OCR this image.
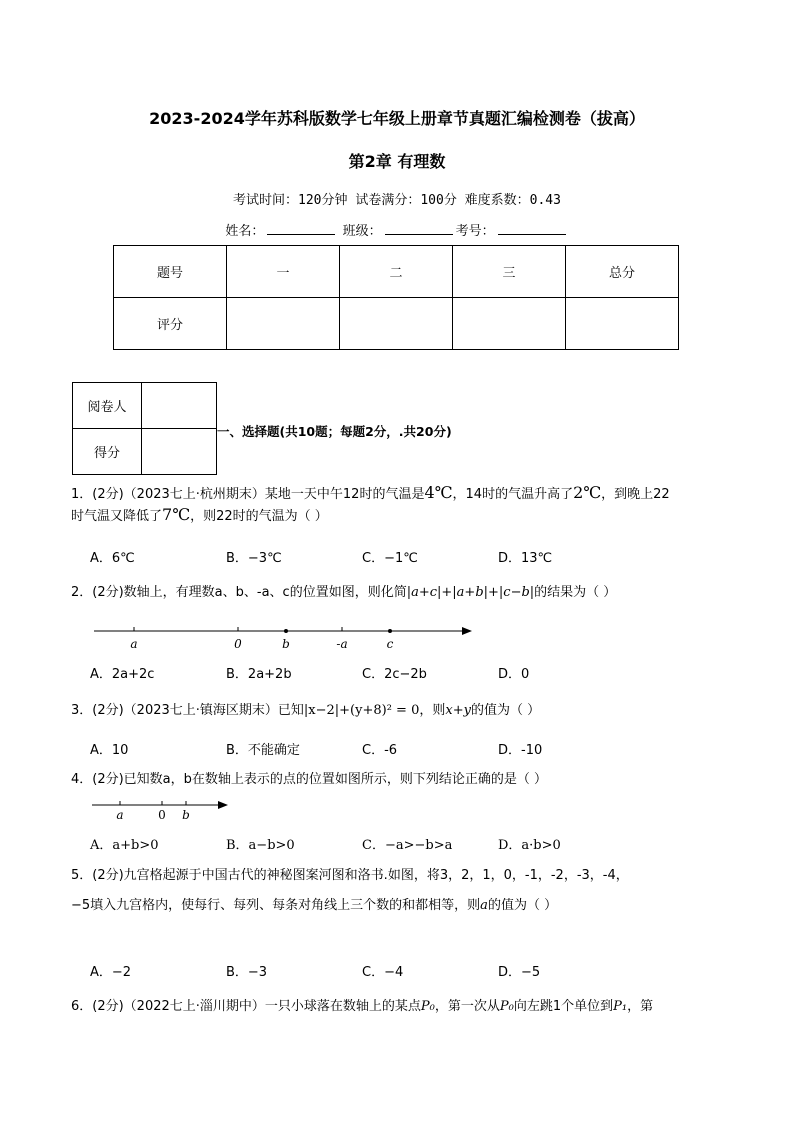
2023-2024学年苏科版数学七年级上册章节真题汇编检测卷（拔高）
第2章 有理数
考试时间：120分钟 试卷满分：100分 难度系数：0.43
姓名：	班级：	考号：
题号	一	二	三	总分
评分				
阅卷人	
得分	
一、选择题(共10题；每题2分，.共20分)
1．(2分)（2023七上·杭州期末）某地一天中午12时的气温是4℃，14时的气温升高了2℃，到晚上22
时气温又降低了7℃，则22时的气温为（ ）
A．6℃	B．−3℃	C．−1℃	D．13℃
2．(2分)数轴上，有理数a、b、-a、c的位置如图，则化简|a+c|+|a+b|+|c−b|的结果为（ ）
a	0	b	-a	c
A．2a+2c	B．2a+2b	C．2c−2b	D．0
3．(2分)（2023七上·镇海区期末）已知|x−2|+(y+8)² = 0，则x+y的值为（ ）
A．10	B．不能确定	C．-6	D．-10
4．(2分)已知数a，b在数轴上表示的点的位置如图所示，则下列结论正确的是（ ）
a	0 b
A．a+b>0	B．a−b>0	C．−a>−b>a	D．a·b>0
5．(2分)九宫格起源于中国古代的神秘图案河图和洛书.如图，将3，2，1，0，-1，-2，-3，-4，
−5填入九宫格内，使每行、每列、每条对角线上三个数的和都相等，则a的值为（ ）
A．−2	B．−3	C．−4	D．−5
6．(2分)（2022七上·淄川期中）一只小球落在数轴上的某点P₀，第一次从P₀向左跳1个单位到P₁，第
